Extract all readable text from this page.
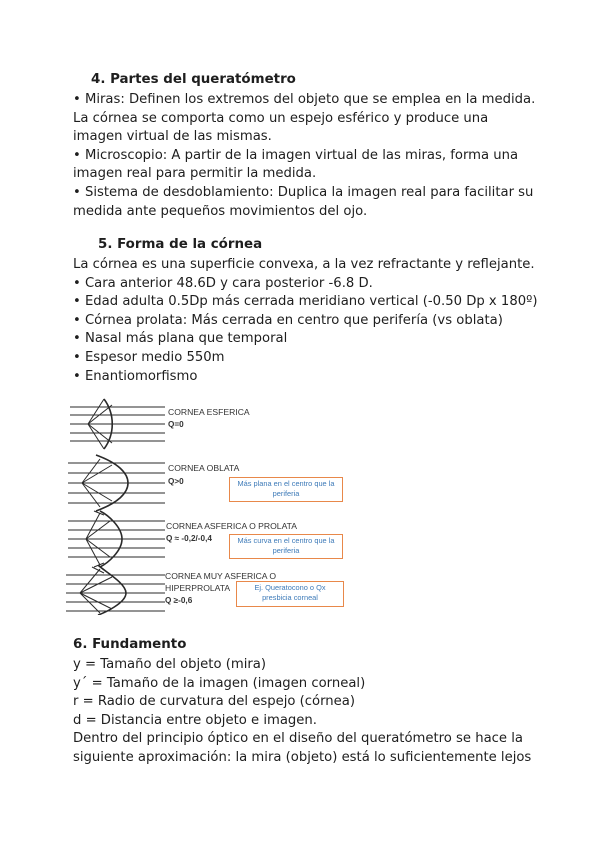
4. Partes del queratómetro
• Miras: Definen los extremos del objeto que se emplea en la medida.
La córnea se comporta como un espejo esférico y produce una
imagen virtual de las mismas.
• Microscopio: A partir de la imagen virtual de las miras, forma una
imagen real para permitir la medida.
• Sistema de desdoblamiento: Duplica la imagen real para facilitar su
medida ante pequeños movimientos del ojo.
5. Forma de la córnea
La córnea es una superficie convexa, a la vez refractante y reflejante.
• Cara anterior 48.6D y cara posterior -6.8 D.
• Edad adulta 0.5Dp más cerrada meridiano vertical (-0.50 Dp x 180º)
• Córnea prolata: Más cerrada en centro que perifería (vs oblata)
• Nasal más plana que temporal
• Espesor medio 550m
• Enantiomorfismo
CORNEA ESFERICA
Q=0
CORNEA OBLATA
Q>0	Más plana en el centro que la periferia
CORNEA ASFERICA O PROLATA
Q ≈ -0,2/-0,4	Más curva en el centro que la periferia
CORNEA MUY ASFERICA O
HIPERPROLATA
Q ≥-0,6
Ej. Queratocono o Qx presbicia corneal
6. Fundamento
y = Tamaño del objeto (mira)
y´ = Tamaño de la imagen (imagen corneal)
r = Radio de curvatura del espejo (córnea)
d = Distancia entre objeto e imagen.
Dentro del principio óptico en el diseño del queratómetro se hace la
siguiente aproximación: la mira (objeto) está lo suficientemente lejos
